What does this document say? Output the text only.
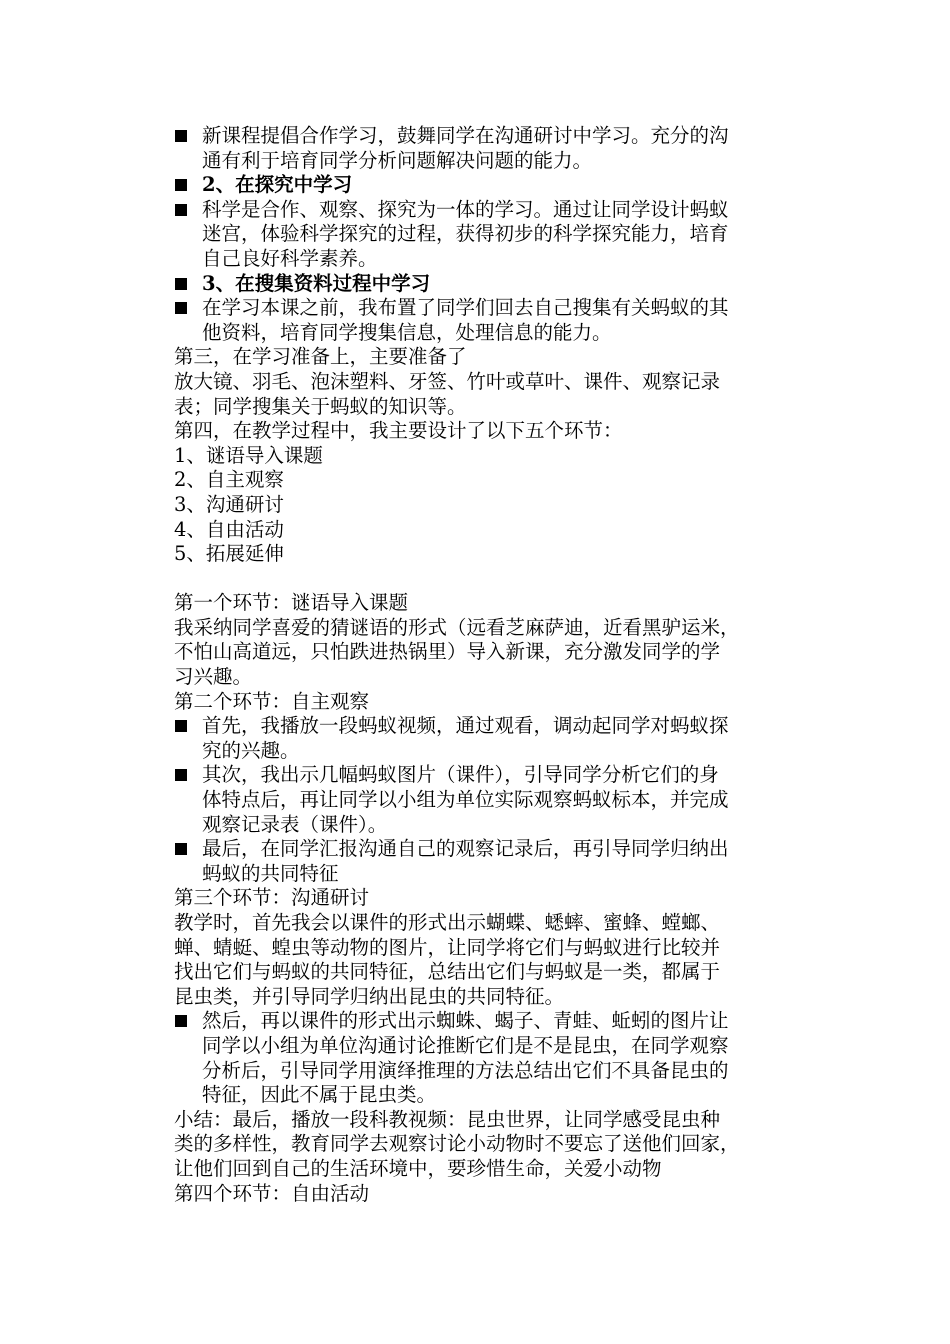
新课程提倡合作学习，鼓舞同学在沟通研讨中学习。充分的沟
通有利于培育同学分析问题解决问题的能力。
2、在探究中学习
科学是合作、观察、探究为一体的学习。通过让同学设计蚂蚁
迷宫，体验科学探究的过程，获得初步的科学探究能力，培育
自己良好科学素养。
3、在搜集资料过程中学习
在学习本课之前，我布置了同学们回去自己搜集有关蚂蚁的其
他资料，培育同学搜集信息，处理信息的能力。
第三，在学习准备上，主要准备了
放大镜、羽毛、泡沫塑料、牙签、竹叶或草叶、课件、观察记录
表；同学搜集关于蚂蚁的知识等。
第四，在教学过程中，我主要设计了以下五个环节：
1、谜语导入课题
2、自主观察
3、沟通研讨
4、自由活动
5、拓展延伸
第一个环节：谜语导入课题
我采纳同学喜爱的猜谜语的形式（远看芝麻萨迪，近看黑驴运米，
不怕山高道远，只怕跌进热锅里）导入新课，充分激发同学的学
习兴趣。
第二个环节：自主观察
首先，我播放一段蚂蚁视频，通过观看，调动起同学对蚂蚁探
究的兴趣。
其次，我出示几幅蚂蚁图片（课件），引导同学分析它们的身
体特点后，再让同学以小组为单位实际观察蚂蚁标本，并完成
观察记录表（课件）。
最后，在同学汇报沟通自己的观察记录后，再引导同学归纳出
蚂蚁的共同特征
第三个环节：沟通研讨
教学时，首先我会以课件的形式出示蝴蝶、蟋蟀、蜜蜂、螳螂、
蝉、蜻蜓、蝗虫等动物的图片，让同学将它们与蚂蚁进行比较并
找出它们与蚂蚁的共同特征，总结出它们与蚂蚁是一类，都属于
昆虫类，并引导同学归纳出昆虫的共同特征。
然后，再以课件的形式出示蜘蛛、蝎子、青蛙、蚯蚓的图片让
同学以小组为单位沟通讨论推断它们是不是昆虫，在同学观察
分析后，引导同学用演绎推理的方法总结出它们不具备昆虫的
特征，因此不属于昆虫类。
小结：最后，播放一段科教视频：昆虫世界，让同学感受昆虫种
类的多样性，教育同学去观察讨论小动物时不要忘了送他们回家，
让他们回到自己的生活环境中，要珍惜生命，关爱小动物
第四个环节：自由活动
